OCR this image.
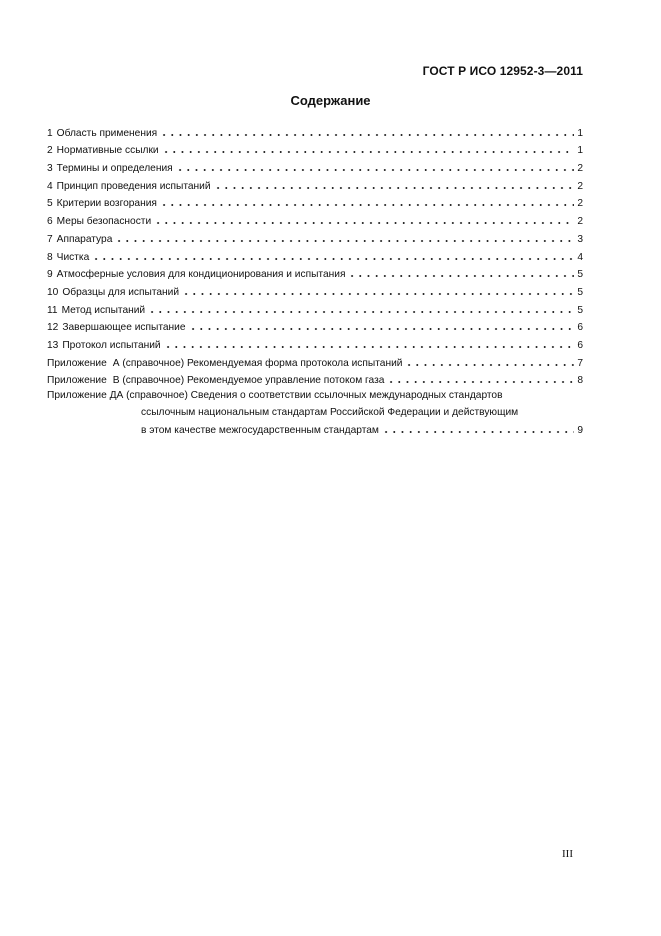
ГОСТ Р ИСО 12952-3—2011
Содержание
1 Область применения	1
2 Нормативные ссылки	1
3 Термины и определения	2
4 Принцип проведения испытаний	2
5 Критерии возгорания	2
6 Меры безопасности	2
7 Аппаратура	3
8 Чистка	4
9 Атмосферные условия для кондиционирования и испытания	5
10 Образцы для испытаний	5
11 Метод испытаний	5
12 Завершающее испытание	6
13 Протокол испытаний	6
Приложение А (справочное) Рекомендуемая форма протокола испытаний	7
Приложение В (справочное) Рекомендуемое управление потоком газа	8
Приложение ДА (справочное) Сведения о соответствии ссылочных международных стандартов
ссылочным национальным стандартам Российской Федерации и действующим
в этом качестве межгосударственным стандартам	9
III
